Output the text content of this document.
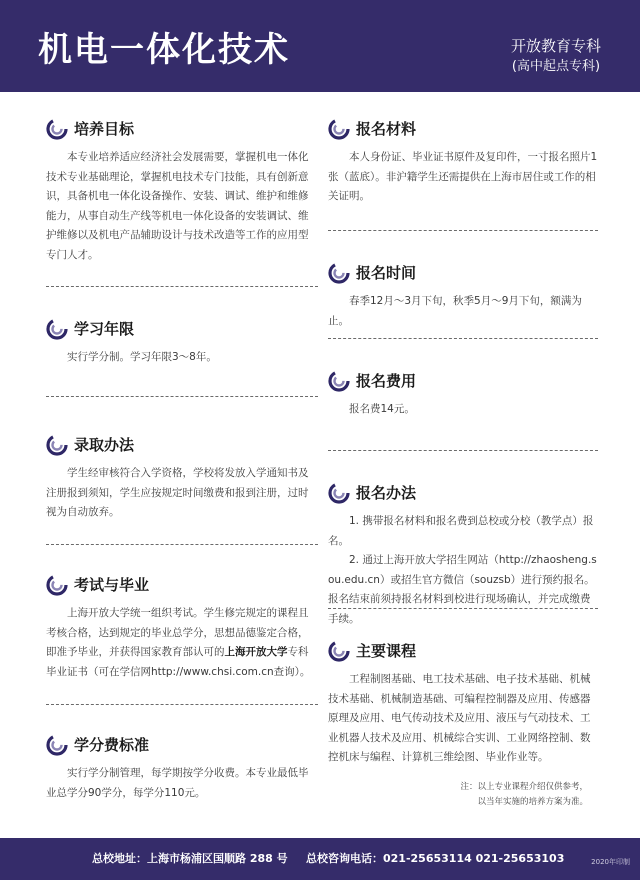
机电一体化技术	开放教育专科
(高中起点专科)
培养目标
本专业培养适应经济社会发展需要，掌握机电一体化技术专业基础理论，掌握机电技术专门技能，具有创新意识，具备机电一体化设备操作、安装、调试、维护和维修能力，从事自动生产线等机电一体化设备的安装调试、维护维修以及机电产品辅助设计与技术改造等工作的应用型专门人才。
学习年限
实行学分制。学习年限3～8年。
录取办法
学生经审核符合入学资格，学校将发放入学通知书及注册报到须知，学生应按规定时间缴费和报到注册，过时视为自动放弃。
考试与毕业
上海开放大学统一组织考试。学生修完规定的课程且考核合格，达到规定的毕业总学分，思想品德鉴定合格，即准予毕业，并获得国家教育部认可的上海开放大学专科毕业证书（可在学信网http://www.chsi.com.cn查询）。
学分费标准
实行学分制管理，每学期按学分收费。本专业最低毕业总学分90学分，每学分110元。
报名材料
本人身份证、毕业证书原件及复印件，一寸报名照片1张（蓝底）。非沪籍学生还需提供在上海市居住或工作的相关证明。
报名时间
春季12月～3月下旬，秋季5月～9月下旬，额满为止。
报名费用
报名费14元。
报名办法

1. 携带报名材料和报名费到总校或分校（教学点）报名。

2. 通过上海开放大学招生网站（http://zhaosheng.sou.edu.cn）或招生官方微信（souzsb）进行预约报名。报名结束前须持报名材料到校进行现场确认，并完成缴费手续。

主要课程
工程制图基础、电工技术基础、电子技术基础、机械技术基础、机械制造基础、可编程控制器及应用、传感器原理及应用、电气传动技术及应用、液压与气动技术、工业机器人技术及应用、机械综合实训、工业网络控制、数控机床与编程、计算机三维绘图、毕业作业等。
注：以上专业课程介绍仅供参考，
以当年实施的培养方案为准。
总校地址：上海市杨浦区国顺路 288 号 总校咨询电话：021-25653114 021-25653103	2020年印制
